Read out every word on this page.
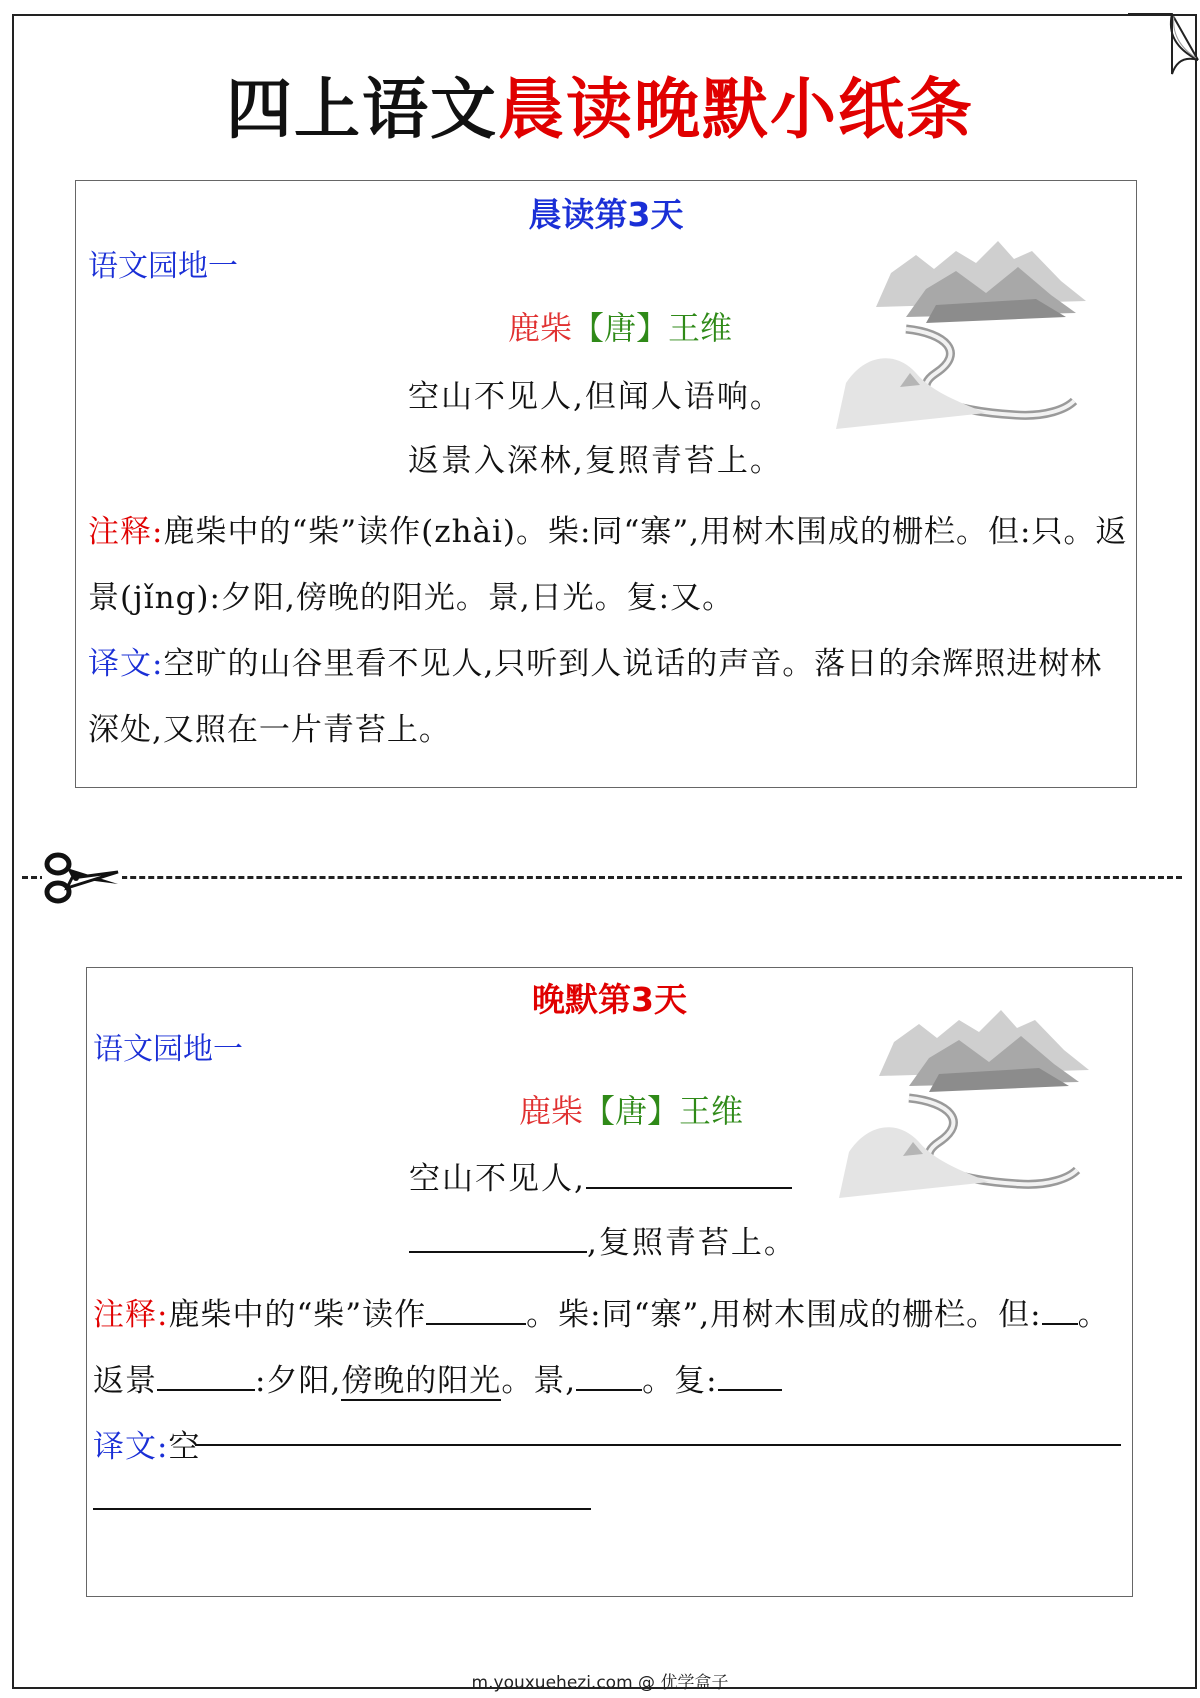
四上语文晨读晚默小纸条
晨读第3天
语文园地一
鹿柴【唐】王维
空山不见人,但闻人语响。
返景入深林,复照青苔上。
注释:鹿柴中的“柴”读作(zhài)。柴:同“寨”,用树木围成的栅栏。但:只。返景(jǐng):夕阳,傍晚的阳光。景,日光。复:又。
译文:空旷的山谷里看不见人,只听到人说话的声音。落日的余辉照进树林深处,又照在一片青苔上。
晚默第3天
语文园地一
鹿柴【唐】王维
空山不见人,
,复照青苔上。
注释:鹿柴中的“柴”读作	。柴:同“寨”,用树木围成的栅栏。但: 。返景	:夕阳,傍晚的阳光。景, 。复:
译文:空
m.youxuehezi.com @ 优学盒子
